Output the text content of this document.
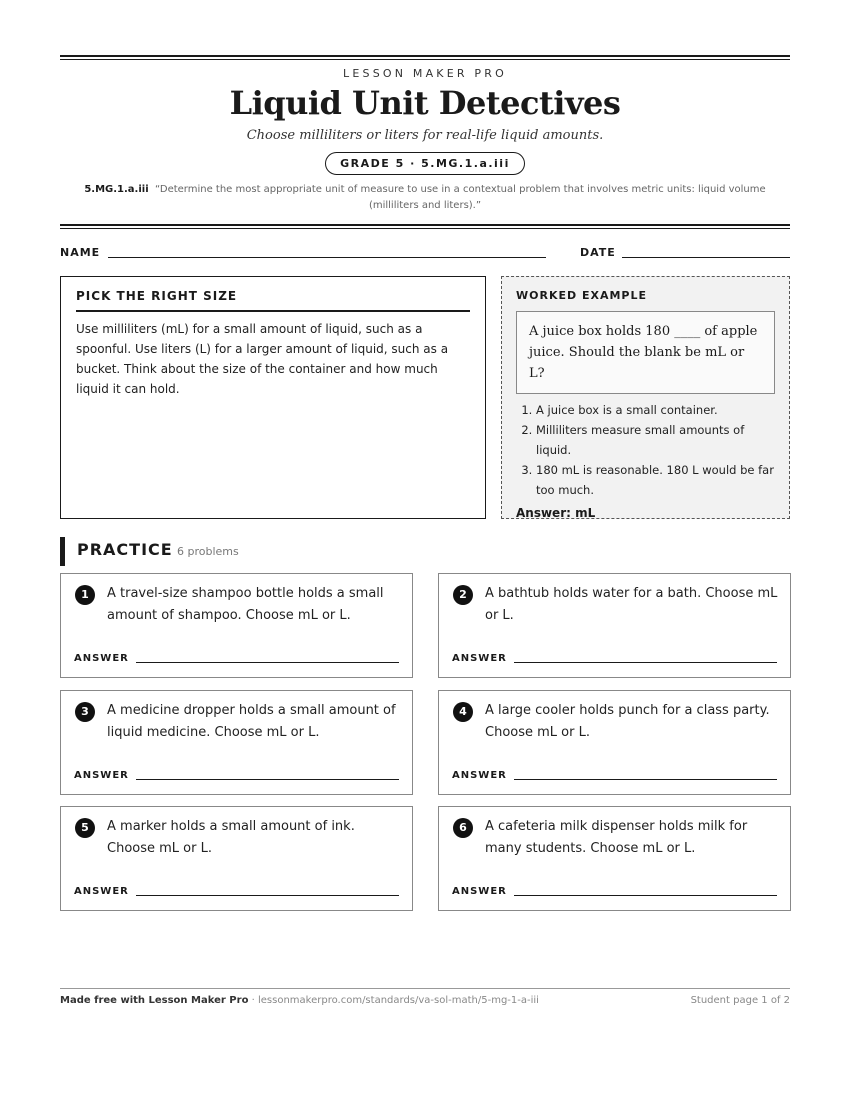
LESSON MAKER PRO
Liquid Unit Detectives
Choose milliliters or liters for real-life liquid amounts.
GRADE 5 · 5.MG.1.a.iii
5.MG.1.a.iii “Determine the most appropriate unit of measure to use in a contextual problem that involves metric units: liquid volume (milliliters and liters).”
NAME	DATE
PICK THE RIGHT SIZE
Use milliliters (mL) for a small amount of liquid, such as a spoonful. Use liters (L) for a larger amount of liquid, such as a bucket. Think about the size of the container and how much liquid it can hold.
WORKED EXAMPLE
A juice box holds 180 ____ of apple juice. Should the blank be mL or L?
1. A juice box is a small container.
2. Milliliters measure small amounts of liquid.
3. 180 mL is reasonable. 180 L would be far too much.
Answer: mL
PRACTICE 6 problems
1	A travel-size shampoo bottle holds a small amount of shampoo. Choose mL or L.
ANSWER
2	A bathtub holds water for a bath. Choose mL or L.
ANSWER
3	A medicine dropper holds a small amount of liquid medicine. Choose mL or L.
ANSWER
4	A large cooler holds punch for a class party. Choose mL or L.
ANSWER
5	A marker holds a small amount of ink. Choose mL or L.
ANSWER
6	A cafeteria milk dispenser holds milk for many students. Choose mL or L.
ANSWER
Made free with Lesson Maker Pro · lessonmakerpro.com/standards/va-sol-math/5-mg-1-a-iii	Student page 1 of 2
